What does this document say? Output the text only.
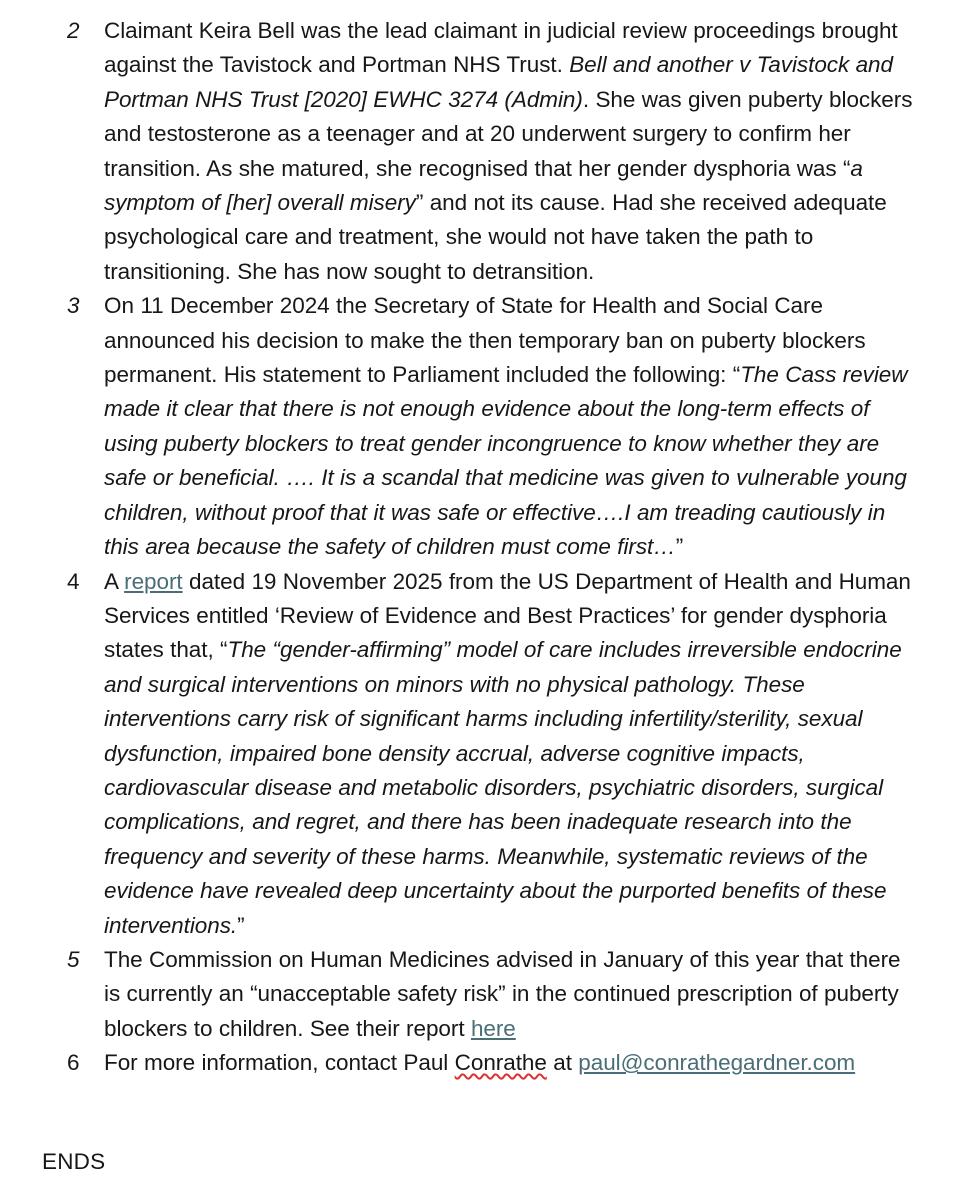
2	Claimant Keira Bell was the lead claimant in judicial review proceedings brought against the Tavistock and Portman NHS Trust. Bell and another v Tavistock and Portman NHS Trust [2020] EWHC 3274 (Admin). She was given puberty blockers and testosterone as a teenager and at 20 underwent surgery to confirm her transition. As she matured, she recognised that her gender dysphoria was “a symptom of [her] overall misery” and not its cause. Had she received adequate psychological care and treatment, she would not have taken the path to transitioning. She has now sought to detransition.
3	On 11 December 2024 the Secretary of State for Health and Social Care announced his decision to make the then temporary ban on puberty blockers permanent. His statement to Parliament included the following: “The Cass review made it clear that there is not enough evidence about the long-term effects of using puberty blockers to treat gender incongruence to know whether they are safe or beneficial. …. It is a scandal that medicine was given to vulnerable young children, without proof that it was safe or effective….I am treading cautiously in this area because the safety of children must come first…”
4	A report dated 19 November 2025 from the US Department of Health and Human Services entitled ‘Review of Evidence and Best Practices’ for gender dysphoria states that, “The “gender-affirming” model of care includes irreversible endocrine and surgical interventions on minors with no physical pathology. These interventions carry risk of significant harms including infertility/sterility, sexual dysfunction, impaired bone density accrual, adverse cognitive impacts, cardiovascular disease and metabolic disorders, psychiatric disorders, surgical complications, and regret, and there has been inadequate research into the frequency and severity of these harms. Meanwhile, systematic reviews of the evidence have revealed deep uncertainty about the purported benefits of these interventions.”
5	The Commission on Human Medicines advised in January of this year that there is currently an “unacceptable safety risk” in the continued prescription of puberty blockers to children. See their report here
6	For more information, contact Paul Conrathe at paul@conrathegardner.com
ENDS
